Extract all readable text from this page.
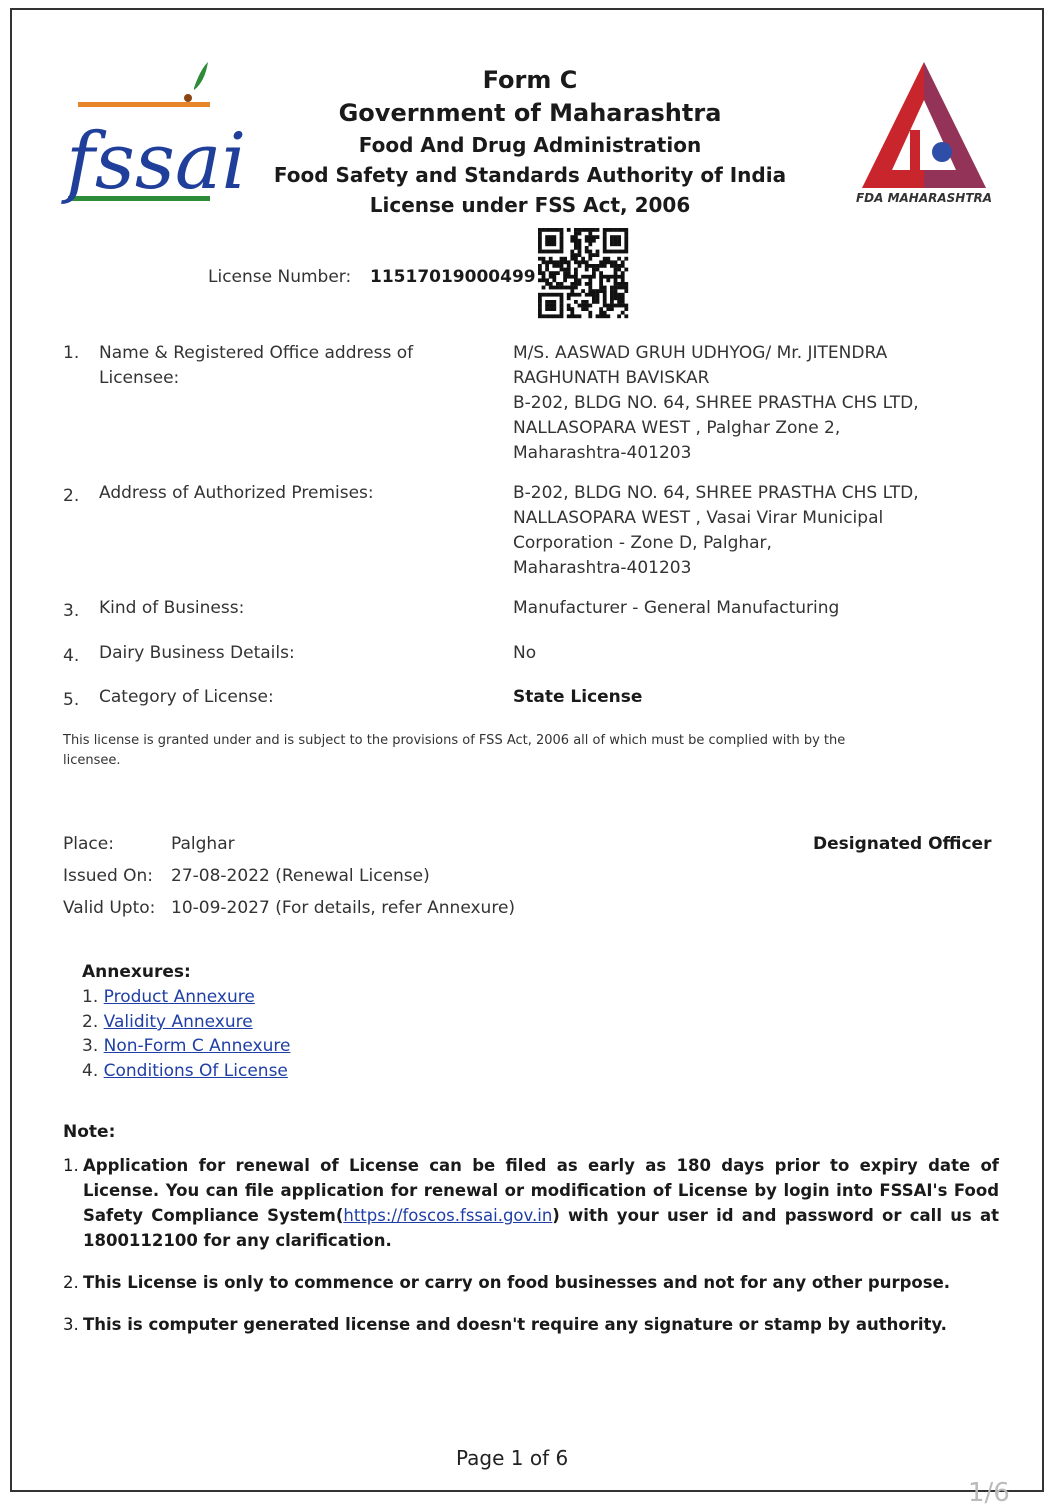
fssai
Form C
Government of Maharashtra
Food And Drug Administration
Food Safety and Standards Authority of India
License under FSS Act, 2006	FDA MAHARASHTRA
License Number: 11517019000499
1. Name & Registered Office address of Licensee:
M/S. AASWAD GRUH UDHYOG/ Mr. JITENDRA
RAGHUNATH BAVISKAR
B-202, BLDG NO. 64, SHREE PRASTHA CHS LTD,
NALLASOPARA WEST , Palghar Zone 2,
Maharashtra-401203
2. Address of Authorized Premises:	B-202, BLDG NO. 64, SHREE PRASTHA CHS LTD,
NALLASOPARA WEST , Vasai Virar Municipal
Corporation - Zone D, Palghar,
Maharashtra-401203
3. Kind of Business:	Manufacturer - General Manufacturing
4. Dairy Business Details:	No
5. Category of License:	State License
This license is granted under and is subject to the provisions of FSS Act, 2006 all of which must be complied with by the licensee.
Place:	Palghar	Designated Officer
Issued On: 27-08-2022 (Renewal License)
Valid Upto: 10-09-2027 (For details, refer Annexure)
Annexures:
1. Product Annexure
2. Validity Annexure
3. Non-Form C Annexure
4. Conditions Of License
Note:
1. Application for renewal of License can be filed as early as 180 days prior to expiry date of License. You can file application for renewal or modification of License by login into FSSAI's Food Safety Compliance System(https://foscos.fssai.gov.in) with your user id and password or call us at 1800112100 for any clarification.
2. This License is only to commence or carry on food businesses and not for any other purpose.
3. This is computer generated license and doesn't require any signature or stamp by authority.
Page 1 of 6
1/6
